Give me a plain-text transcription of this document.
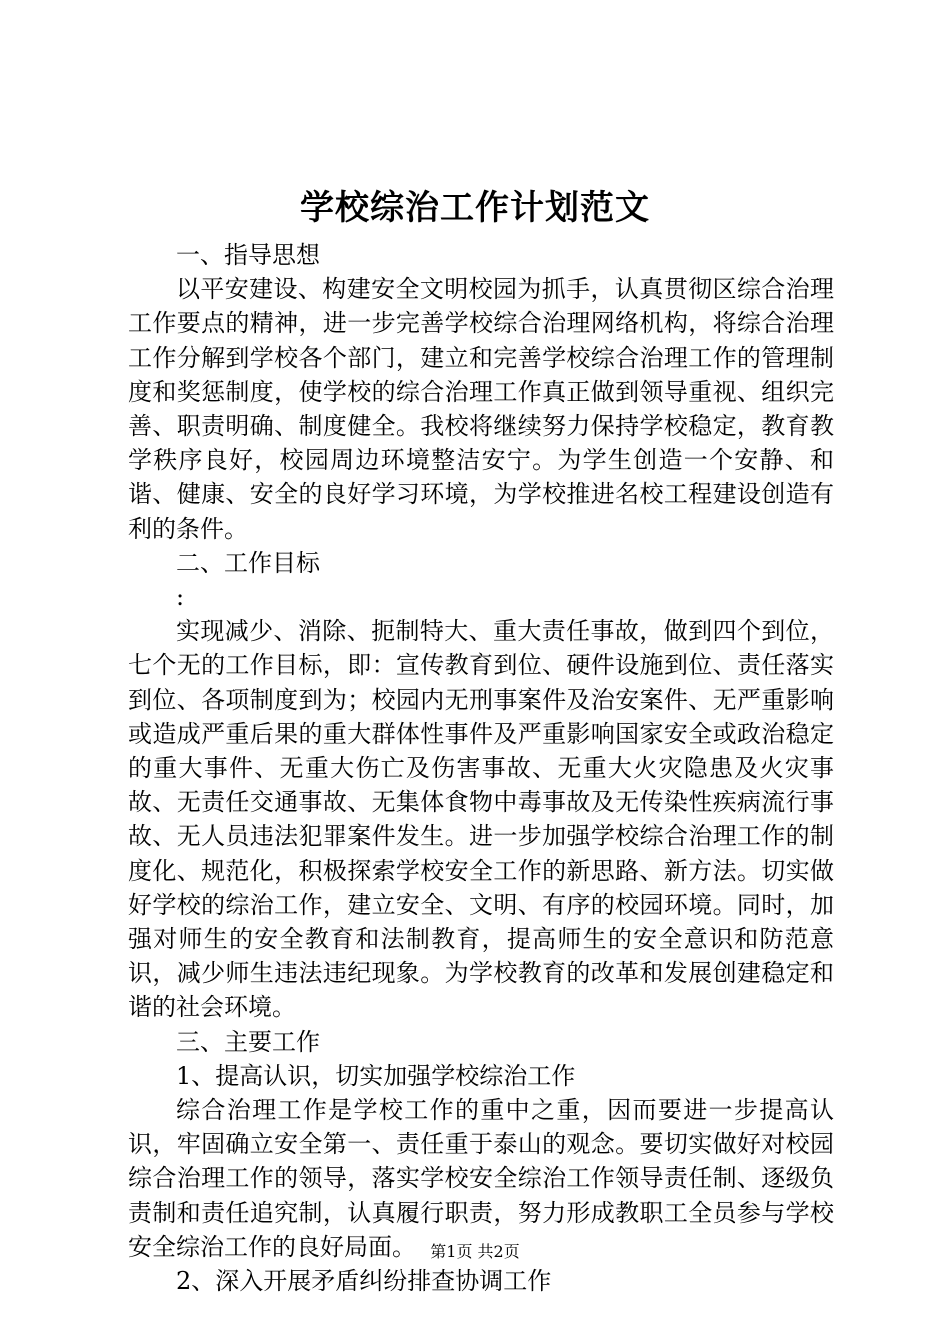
学校综治工作计划范文

一、指导思想

以平安建设、构建安全文明校园为抓手，认真贯彻区综合治理工作要点的精神，进一步完善学校综合治理网络机构，将综合治理工作分解到学校各个部门，建立和完善学校综合治理工作的管理制度和奖惩制度，使学校的综合治理工作真正做到领导重视、组织完善、职责明确、制度健全。我校将继续努力保持学校稳定，教育教学秩序良好，校园周边环境整洁安宁。为学生创造一个安静、和谐、健康、安全的良好学习环境，为学校推进名校工程建设创造有利的条件。

二、工作目标

:

实现减少、消除、扼制特大、重大责任事故，做到四个到位，七个无的工作目标，即：宣传教育到位、硬件设施到位、责任落实到位、各项制度到为；校园内无刑事案件及治安案件、无严重影响或造成严重后果的重大群体性事件及严重影响国家安全或政治稳定的重大事件、无重大伤亡及伤害事故、无重大火灾隐患及火灾事故、无责任交通事故、无集体食物中毒事故及无传染性疾病流行事故、无人员违法犯罪案件发生。进一步加强学校综合治理工作的制度化、规范化，积极探索学校安全工作的新思路、新方法。切实做好学校的综治工作，建立安全、文明、有序的校园环境。同时，加强对师生的安全教育和法制教育，提高师生的安全意识和防范意识，减少师生违法违纪现象。为学校教育的改革和发展创建稳定和谐的社会环境。

三、主要工作

1、提高认识，切实加强学校综治工作

综合治理工作是学校工作的重中之重，因而要进一步提高认识，牢固确立安全第一、责任重于泰山的观念。要切实做好对校园综合治理工作的领导，落实学校安全综治工作领导责任制、逐级负责制和责任追究制，认真履行职责，努力形成教职工全员参与学校安全综治工作的良好局面。

2、深入开展矛盾纠纷排查协调工作

第1页 共2页
